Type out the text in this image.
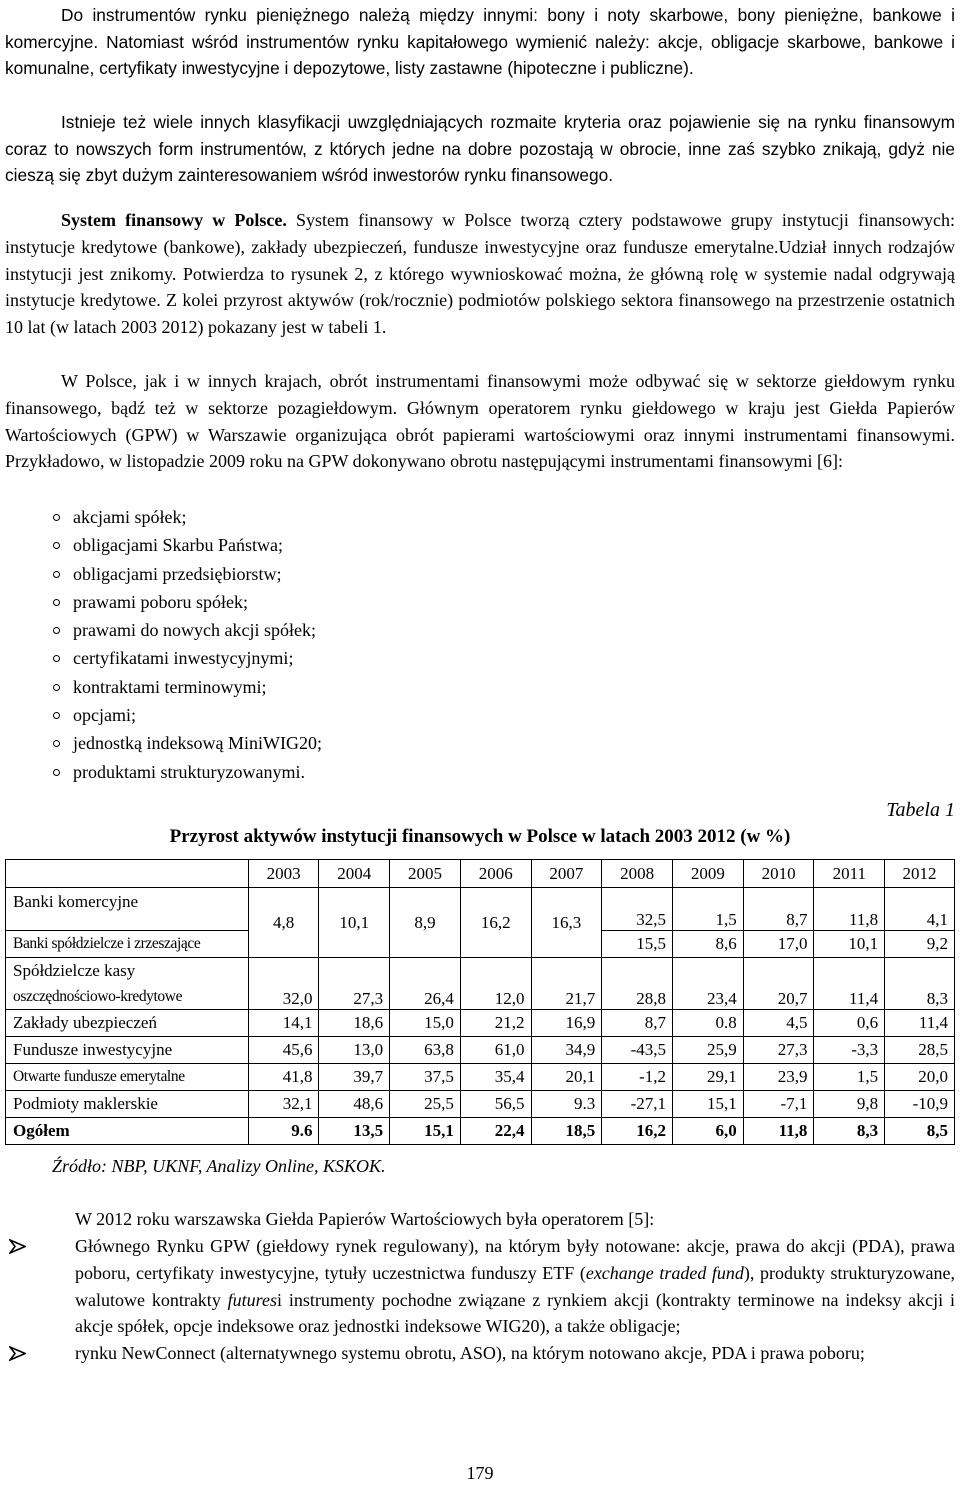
Do instrumentów rynku pieniężnego należą między innymi: bony i noty skarbowe, bony pieniężne, bankowe i komercyjne. Natomiast wśród instrumentów rynku kapitałowego wymienić należy: akcje, obligacje skarbowe, bankowe i komunalne, certyfikaty inwestycyjne i depozytowe, listy zastawne (hipoteczne i publiczne).

Istnieje też wiele innych klasyfikacji uwzględniających rozmaite kryteria oraz pojawienie się na rynku finansowym coraz to nowszych form instrumentów, z których jedne na dobre pozostają w obrocie, inne zaś szybko znikają, gdyż nie cieszą się zbyt dużym zainteresowaniem wśród inwestorów rynku finansowego.

System finansowy w Polsce. System finansowy w Polsce tworzą cztery podstawowe grupy instytucji finansowych: instytucje kredytowe (bankowe), zakłady ubezpieczeń, fundusze inwestycyjne oraz fundusze emerytalne.Udział innych rodzajów instytucji jest znikomy. Potwierdza to rysunek 2, z którego wywnioskować można, że główną rolę w systemie nadal odgrywają instytucje kredytowe. Z kolei przyrost aktywów (rok/rocznie) podmiotów polskiego sektora finansowego na przestrzenie ostatnich 10 lat (w latach 2003 2012) pokazany jest w tabeli 1.

W Polsce, jak i w innych krajach, obrót instrumentami finansowymi może odbywać się w sektorze giełdowym rynku finansowego, bądź też w sektorze pozagiełdowym. Głównym operatorem rynku giełdowego w kraju jest Giełda Papierów Wartościowych (GPW) w Warszawie organizująca obrót papierami wartościowymi oraz innymi instrumentami finansowymi. Przykładowo, w listopadzie 2009 roku na GPW dokonywano obrotu następującymi instrumentami finansowymi [6]:

akcjami spółek;
obligacjami Skarbu Państwa;
obligacjami przedsiębiorstw;
prawami poboru spółek;
prawami do nowych akcji spółek;
certyfikatami inwestycyjnymi;
kontraktami terminowymi;
opcjami;
jednostką indeksową MiniWIG20;
produktami strukturyzowanymi.
Tabela 1
Przyrost aktywów instytucji finansowych w Polsce w latach 2003 2012 (w %)
	2003	2004	2005	2006	2007	2008	2009	2010	2011	2012
Banki komercyjne	4,8	10,1	8,9	16,2	16,3	32,5	1,5	8,7	11,8	4,1
Banki spółdzielcze i zrzeszające						15,5	8,6	17,0	10,1	9,2
Spółdzielcze kasy
oszczędnościowo-kredytowe	32,0	27,3	26,4	12,0	21,7	28,8	23,4	20,7	11,4	8,3
Zakłady ubezpieczeń	14,1	18,6	15,0	21,2	16,9	8,7	0.8	4,5	0,6	11,4
Fundusze inwestycyjne	45,6	13,0	63,8	61,0	34,9	-43,5	25,9	27,3	-3,3	28,5
Otwarte fundusze emerytalne	41,8	39,7	37,5	35,4	20,1	-1,2	29,1	23,9	1,5	20,0
Podmioty maklerskie	32,1	48,6	25,5	56,5	9.3	-27,1	15,1	-7,1	9,8	-10,9
Ogółem	9.6	13,5	15,1	22,4	18,5	16,2	6,0	11,8	8,3	8,5
Źródło: NBP, UKNF, Analizy Online, KSKOK.

W 2012 roku warszawska Giełda Papierów Wartościowych była operatorem [5]:

Głównego Rynku GPW (giełdowy rynek regulowany), na którym były notowane: akcje, prawa do akcji (PDA), prawa poboru, certyfikaty inwestycyjne, tytuły uczestnictwa funduszy ETF (exchange traded fund), produkty strukturyzowane, walutowe kontrakty futuresi instrumenty pochodne związane z rynkiem akcji (kontrakty terminowe na indeksy akcji i akcje spółek, opcje indeksowe oraz jednostki indeksowe WIG20), a także obligacje;
rynku NewConnect (alternatywnego systemu obrotu, ASO), na którym notowano akcje, PDA i prawa poboru;
179
